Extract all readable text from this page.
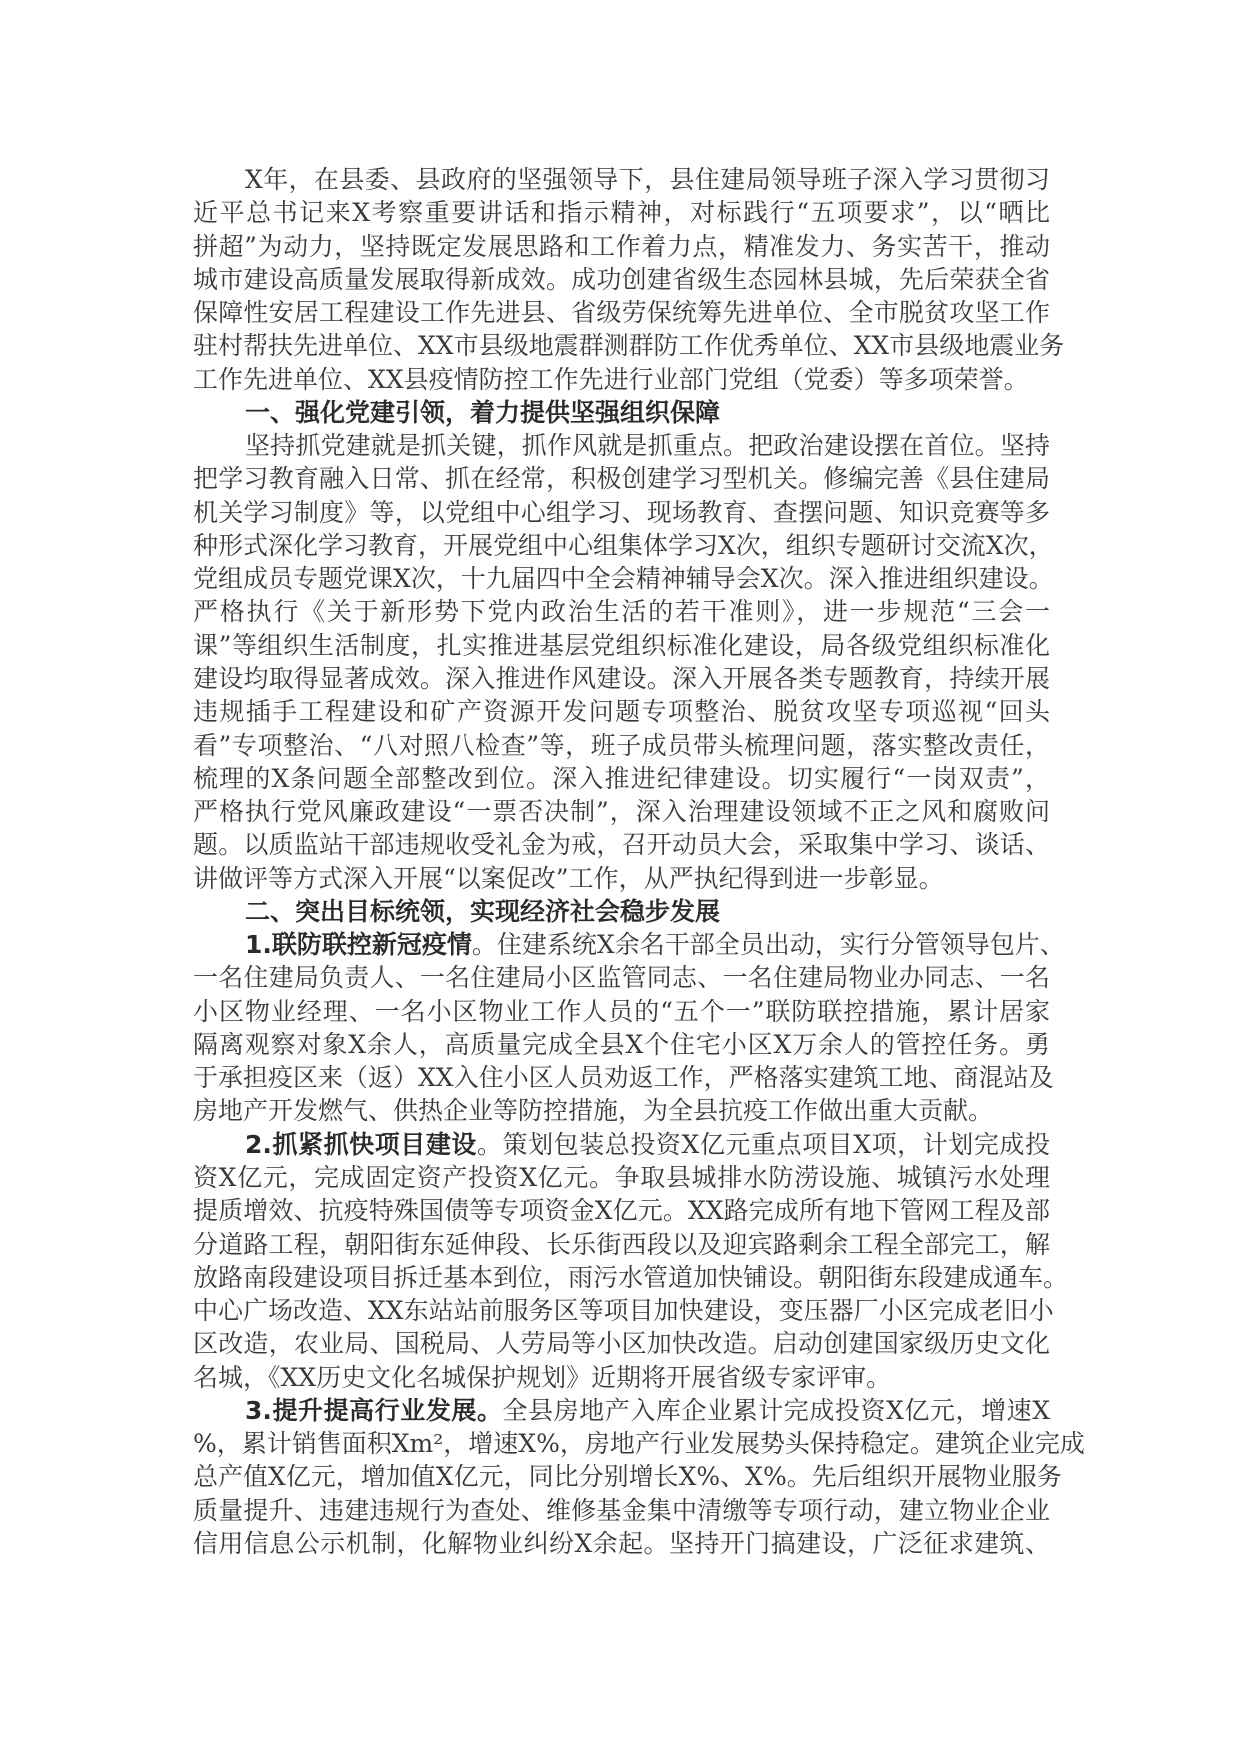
X年，在县委、县政府的坚强领导下，县住建局领导班子深入学习贯彻习
近平总书记来X考察重要讲话和指示精神，对标践行“五项要求”，以“晒比
拼超”为动力，坚持既定发展思路和工作着力点，精准发力、务实苦干，推动
城市建设高质量发展取得新成效。成功创建省级生态园林县城，先后荣获全省
保障性安居工程建设工作先进县、省级劳保统筹先进单位、全市脱贫攻坚工作
驻村帮扶先进单位、XX市县级地震群测群防工作优秀单位、XX市县级地震业务
工作先进单位、XX县疫情防控工作先进行业部门党组（党委）等多项荣誉。
一、强化党建引领，着力提供坚强组织保障
坚持抓党建就是抓关键，抓作风就是抓重点。把政治建设摆在首位。坚持
把学习教育融入日常、抓在经常，积极创建学习型机关。修编完善《县住建局
机关学习制度》等，以党组中心组学习、现场教育、查摆问题、知识竞赛等多
种形式深化学习教育，开展党组中心组集体学习X次，组织专题研讨交流X次，
党组成员专题党课X次，十九届四中全会精神辅导会X次。深入推进组织建设。
严格执行《关于新形势下党内政治生活的若干准则》，进一步规范“三会一
课”等组织生活制度，扎实推进基层党组织标准化建设，局各级党组织标准化
建设均取得显著成效。深入推进作风建设。深入开展各类专题教育，持续开展
违规插手工程建设和矿产资源开发问题专项整治、脱贫攻坚专项巡视“回头
看”专项整治、“八对照八检查”等，班子成员带头梳理问题，落实整改责任，
梳理的X条问题全部整改到位。深入推进纪律建设。切实履行“一岗双责”，
严格执行党风廉政建设“一票否决制”，深入治理建设领域不正之风和腐败问
题。以质监站干部违规收受礼金为戒，召开动员大会，采取集中学习、谈话、
讲做评等方式深入开展“以案促改”工作，从严执纪得到进一步彰显。
二、突出目标统领，实现经济社会稳步发展
1.联防联控新冠疫情。住建系统X余名干部全员出动，实行分管领导包片、
一名住建局负责人、一名住建局小区监管同志、一名住建局物业办同志、一名
小区物业经理、一名小区物业工作人员的“五个一”联防联控措施，累计居家
隔离观察对象X余人，高质量完成全县X个住宅小区X万余人的管控任务。勇
于承担疫区来（返）XX入住小区人员劝返工作，严格落实建筑工地、商混站及
房地产开发燃气、供热企业等防控措施，为全县抗疫工作做出重大贡献。
2.抓紧抓快项目建设。策划包装总投资X亿元重点项目X项，计划完成投
资X亿元，完成固定资产投资X亿元。争取县城排水防涝设施、城镇污水处理
提质增效、抗疫特殊国债等专项资金X亿元。XX路完成所有地下管网工程及部
分道路工程，朝阳街东延伸段、长乐街西段以及迎宾路剩余工程全部完工，解
放路南段建设项目拆迁基本到位，雨污水管道加快铺设。朝阳街东段建成通车。
中心广场改造、XX东站站前服务区等项目加快建设，变压器厂小区完成老旧小
区改造，农业局、国税局、人劳局等小区加快改造。启动创建国家级历史文化
名城，《XX历史文化名城保护规划》近期将开展省级专家评审。
3.提升提高行业发展。全县房地产入库企业累计完成投资X亿元，增速X
%，累计销售面积Xm²，增速X%，房地产行业发展势头保持稳定。建筑企业完成
总产值X亿元，增加值X亿元，同比分别增长X%、X%。先后组织开展物业服务
质量提升、违建违规行为查处、维修基金集中清缴等专项行动，建立物业企业
信用信息公示机制，化解物业纠纷X余起。坚持开门搞建设，广泛征求建筑、
